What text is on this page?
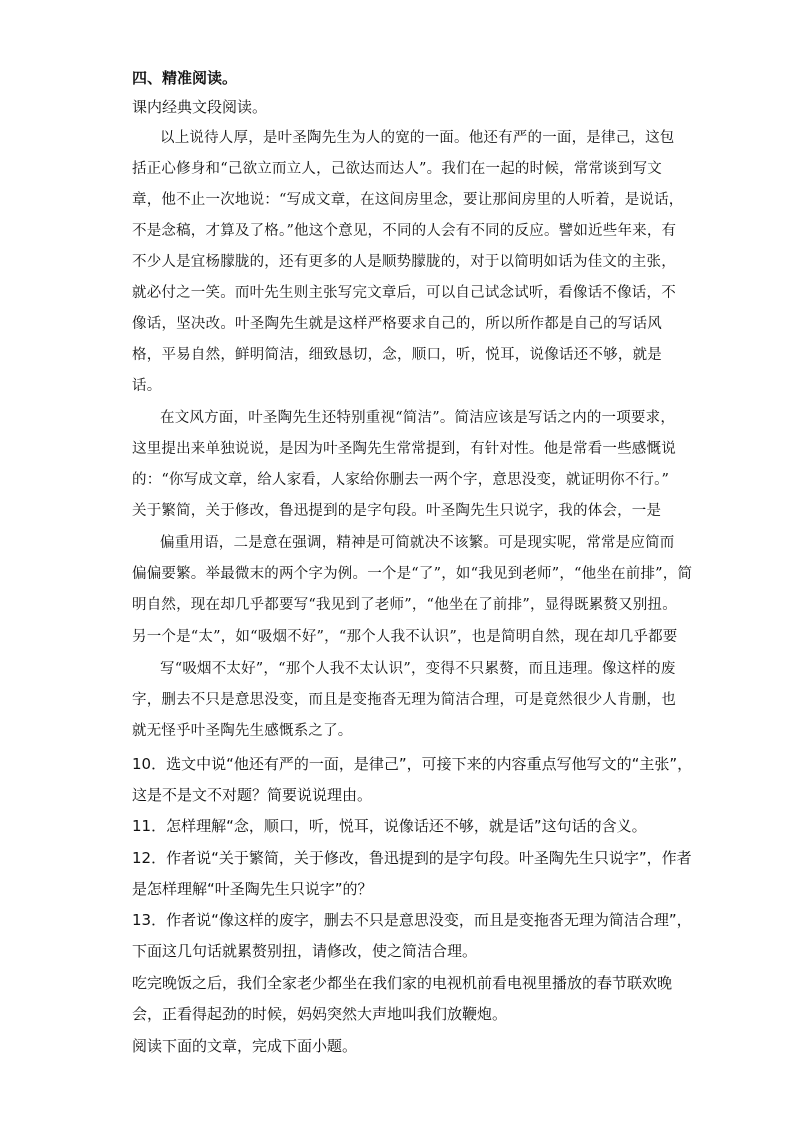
四、精准阅读。
课内经典文段阅读。
以上说待人厚，是叶圣陶先生为人的宽的一面。他还有严的一面，是律己，这包
括正心修身和“己欲立而立人，己欲达而达人”。我们在一起的时候，常常谈到写文
章，他不止一次地说：“写成文章，在这间房里念，要让那间房里的人听着，是说话，
不是念稿，才算及了格。”他这个意见，不同的人会有不同的反应。譬如近些年来，有
不少人是宜杨朦胧的，还有更多的人是顺势朦胧的，对于以简明如话为佳文的主张，
就必付之一笑。而叶先生则主张写完文章后，可以自己试念试听，看像话不像话，不
像话，坚决改。叶圣陶先生就是这样严格要求自己的，所以所作都是自己的写话风
格，平易自然，鲜明简洁，细致恳切，念，顺口，听，悦耳，说像话还不够，就是
话。
在文风方面，叶圣陶先生还特别重视“简洁”。简洁应该是写话之内的一项要求，
这里提出来单独说说，是因为叶圣陶先生常常提到，有针对性。他是常看一些感慨说
的：“你写成文章，给人家看，人家给你删去一两个字，意思没变，就证明你不行。”
关于繁简，关于修改，鲁迅提到的是字句段。叶圣陶先生只说字，我的体会，一是
偏重用语，二是意在强调，精神是可简就决不该繁。可是现实呢，常常是应简而
偏偏要繁。举最微末的两个字为例。一个是“了”，如“我见到老师”，“他坐在前排”，简
明自然，现在却几乎都要写“我见到了老师”，“他坐在了前排”，显得既累赘又别扭。
另一个是“太”，如“吸烟不好”，“那个人我不认识”，也是简明自然，现在却几乎都要
写“吸烟不太好”，“那个人我不太认识”，变得不只累赘，而且违理。像这样的废
字，删去不只是意思没变，而且是变拖沓无理为简洁合理，可是竟然很少人肯删，也
就无怪乎叶圣陶先生感慨系之了。
10．选文中说“他还有严的一面，是律己”，可接下来的内容重点写他写文的“主张”，
这是不是文不对题？简要说说理由。
11．怎样理解“念，顺口，听，悦耳，说像话还不够，就是话”这句话的含义。
12．作者说“关于繁简，关于修改，鲁迅提到的是字句段。叶圣陶先生只说字”，作者
是怎样理解“叶圣陶先生只说字”的？
13．作者说“像这样的废字，删去不只是意思没变，而且是变拖沓无理为简洁合理”，
下面这几句话就累赘别扭，请修改，使之简洁合理。
吃完晚饭之后，我们全家老少都坐在我们家的电视机前看电视里播放的春节联欢晚
会，正看得起劲的时候，妈妈突然大声地叫我们放鞭炮。
阅读下面的文章，完成下面小题。
